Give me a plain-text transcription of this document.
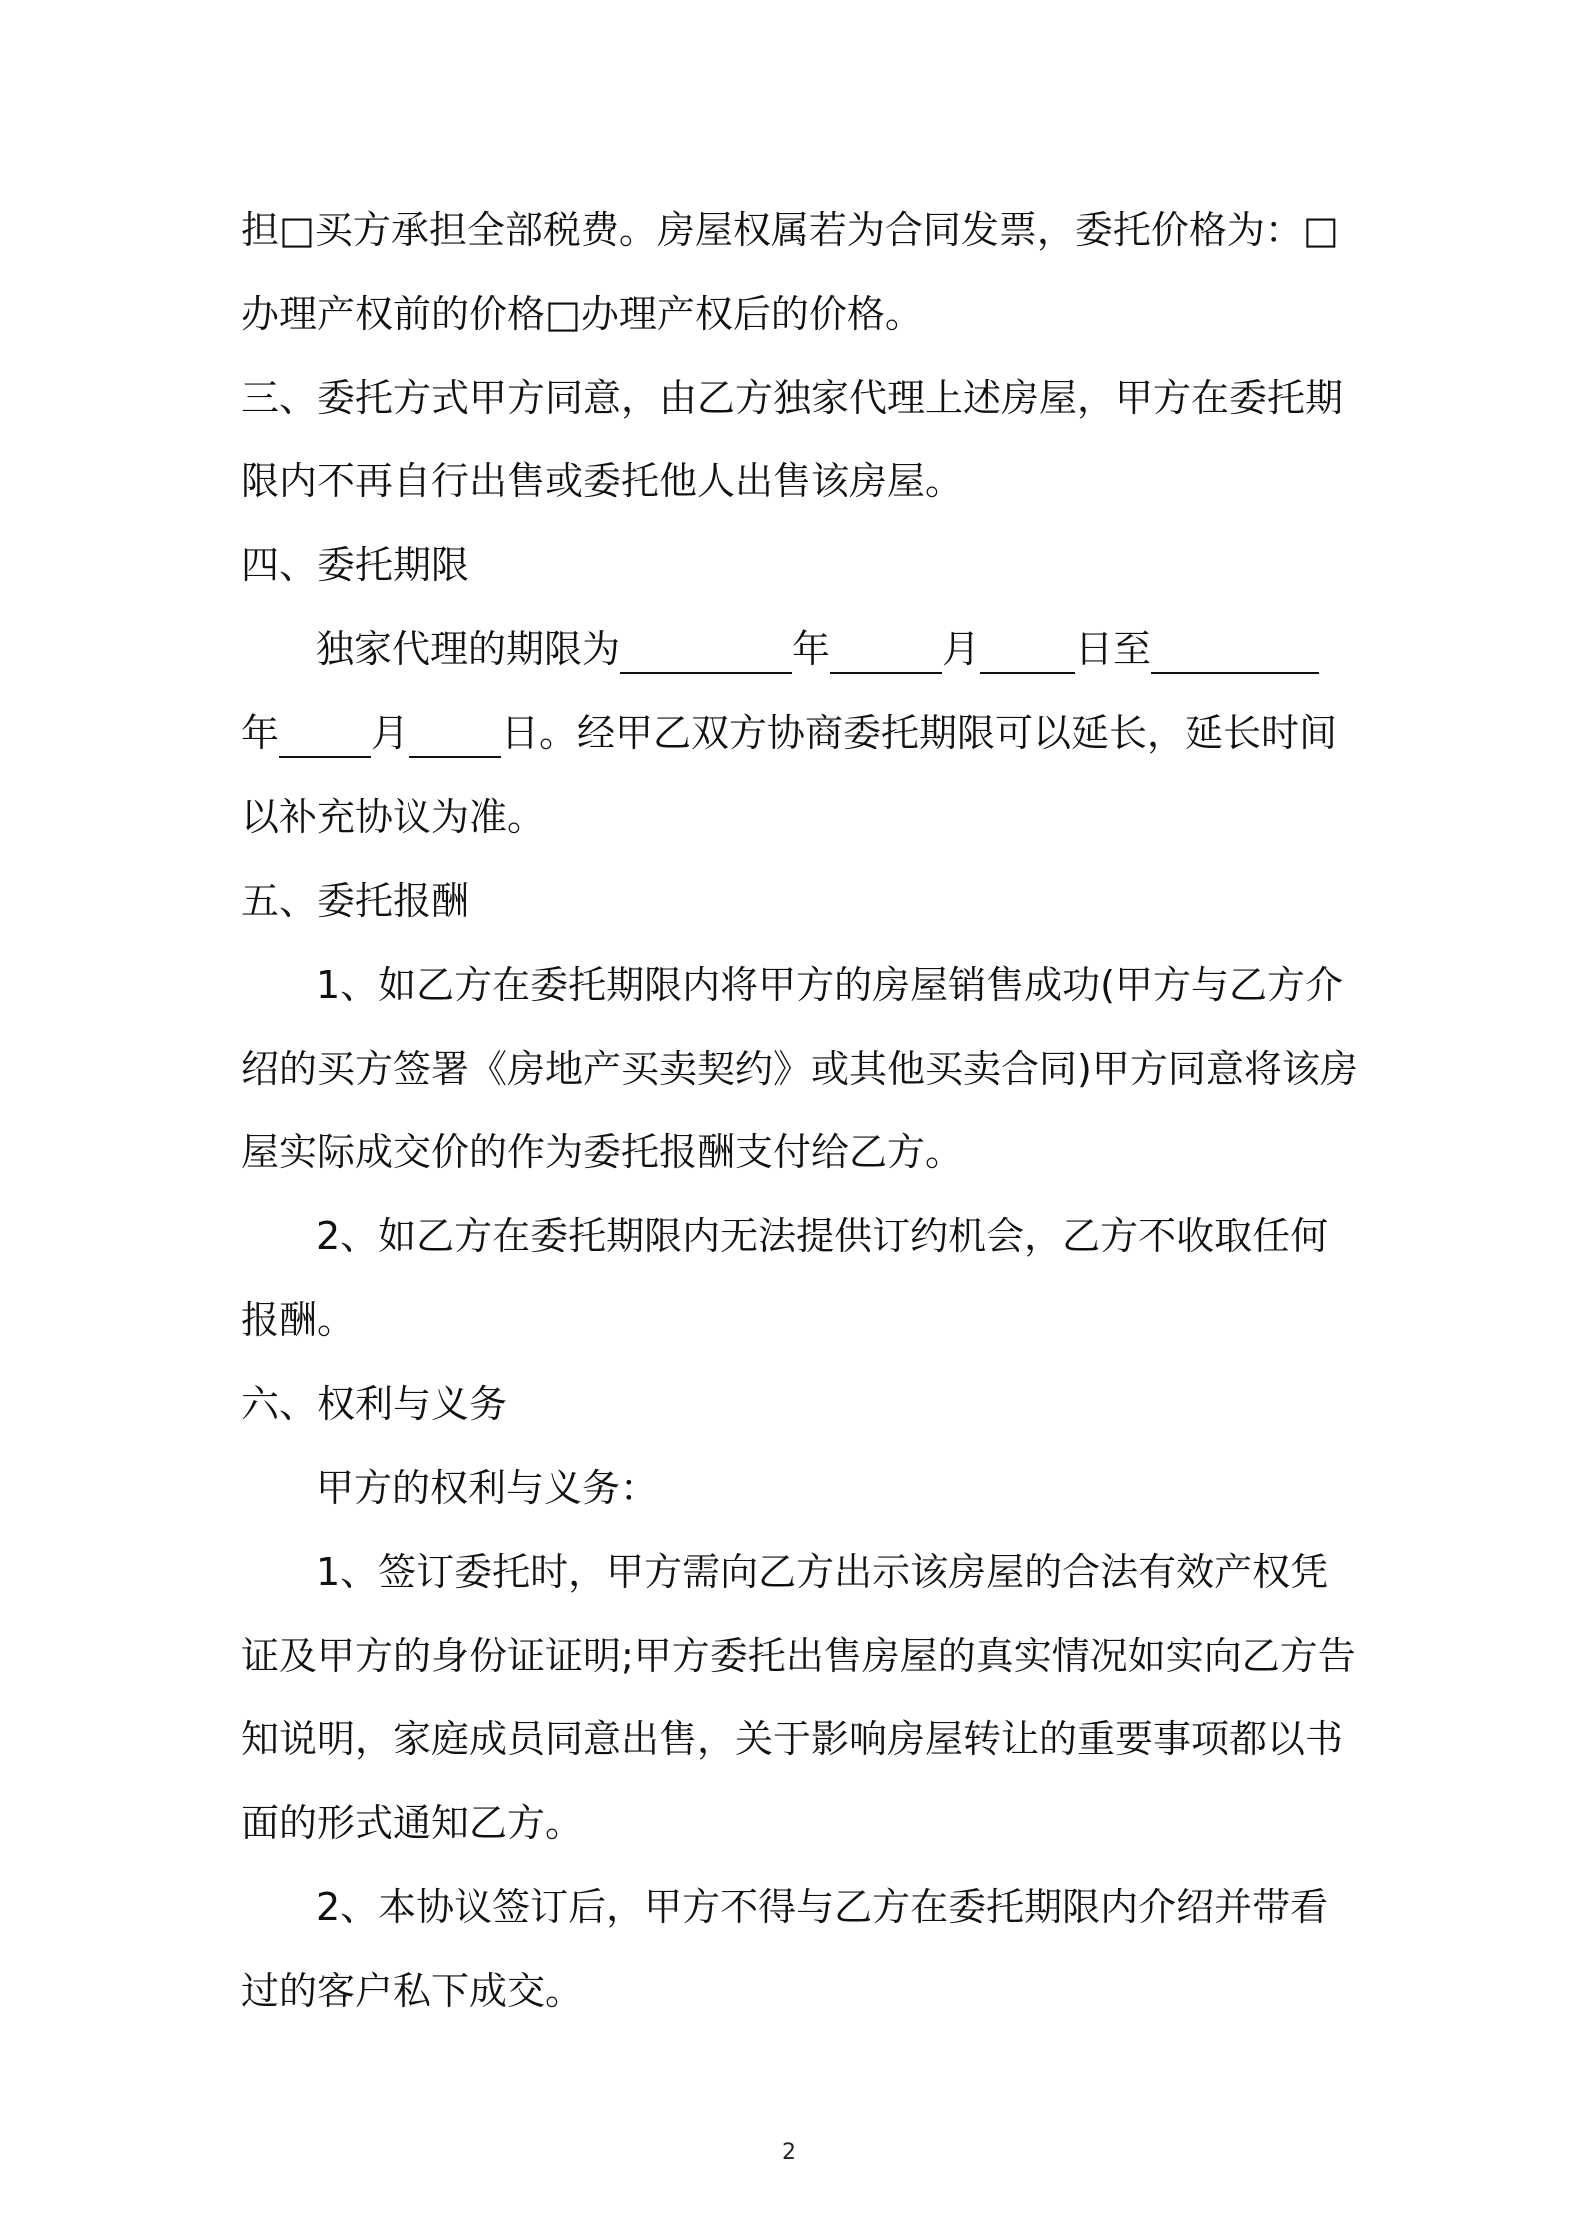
担□买方承担全部税费。房屋权属若为合同发票，委托价格为：□
办理产权前的价格□办理产权后的价格。
三、委托方式甲方同意，由乙方独家代理上述房屋，甲方在委托期
限内不再自行出售或委托他人出售该房屋。
四、委托期限
独家代理的期限为	年	月	日至
年 月 日。经甲乙双方协商委托期限可以延长，延长时间
以补充协议为准。
五、委托报酬
1、如乙方在委托期限内将甲方的房屋销售成功(甲方与乙方介
绍的买方签署《房地产买卖契约》或其他买卖合同)甲方同意将该房
屋实际成交价的作为委托报酬支付给乙方。
2、如乙方在委托期限内无法提供订约机会，乙方不收取任何
报酬。
六、权利与义务
甲方的权利与义务：
1、签订委托时，甲方需向乙方出示该房屋的合法有效产权凭
证及甲方的身份证证明;甲方委托出售房屋的真实情况如实向乙方告
知说明，家庭成员同意出售，关于影响房屋转让的重要事项都以书
面的形式通知乙方。
2、本协议签订后，甲方不得与乙方在委托期限内介绍并带看
过的客户私下成交。
2
